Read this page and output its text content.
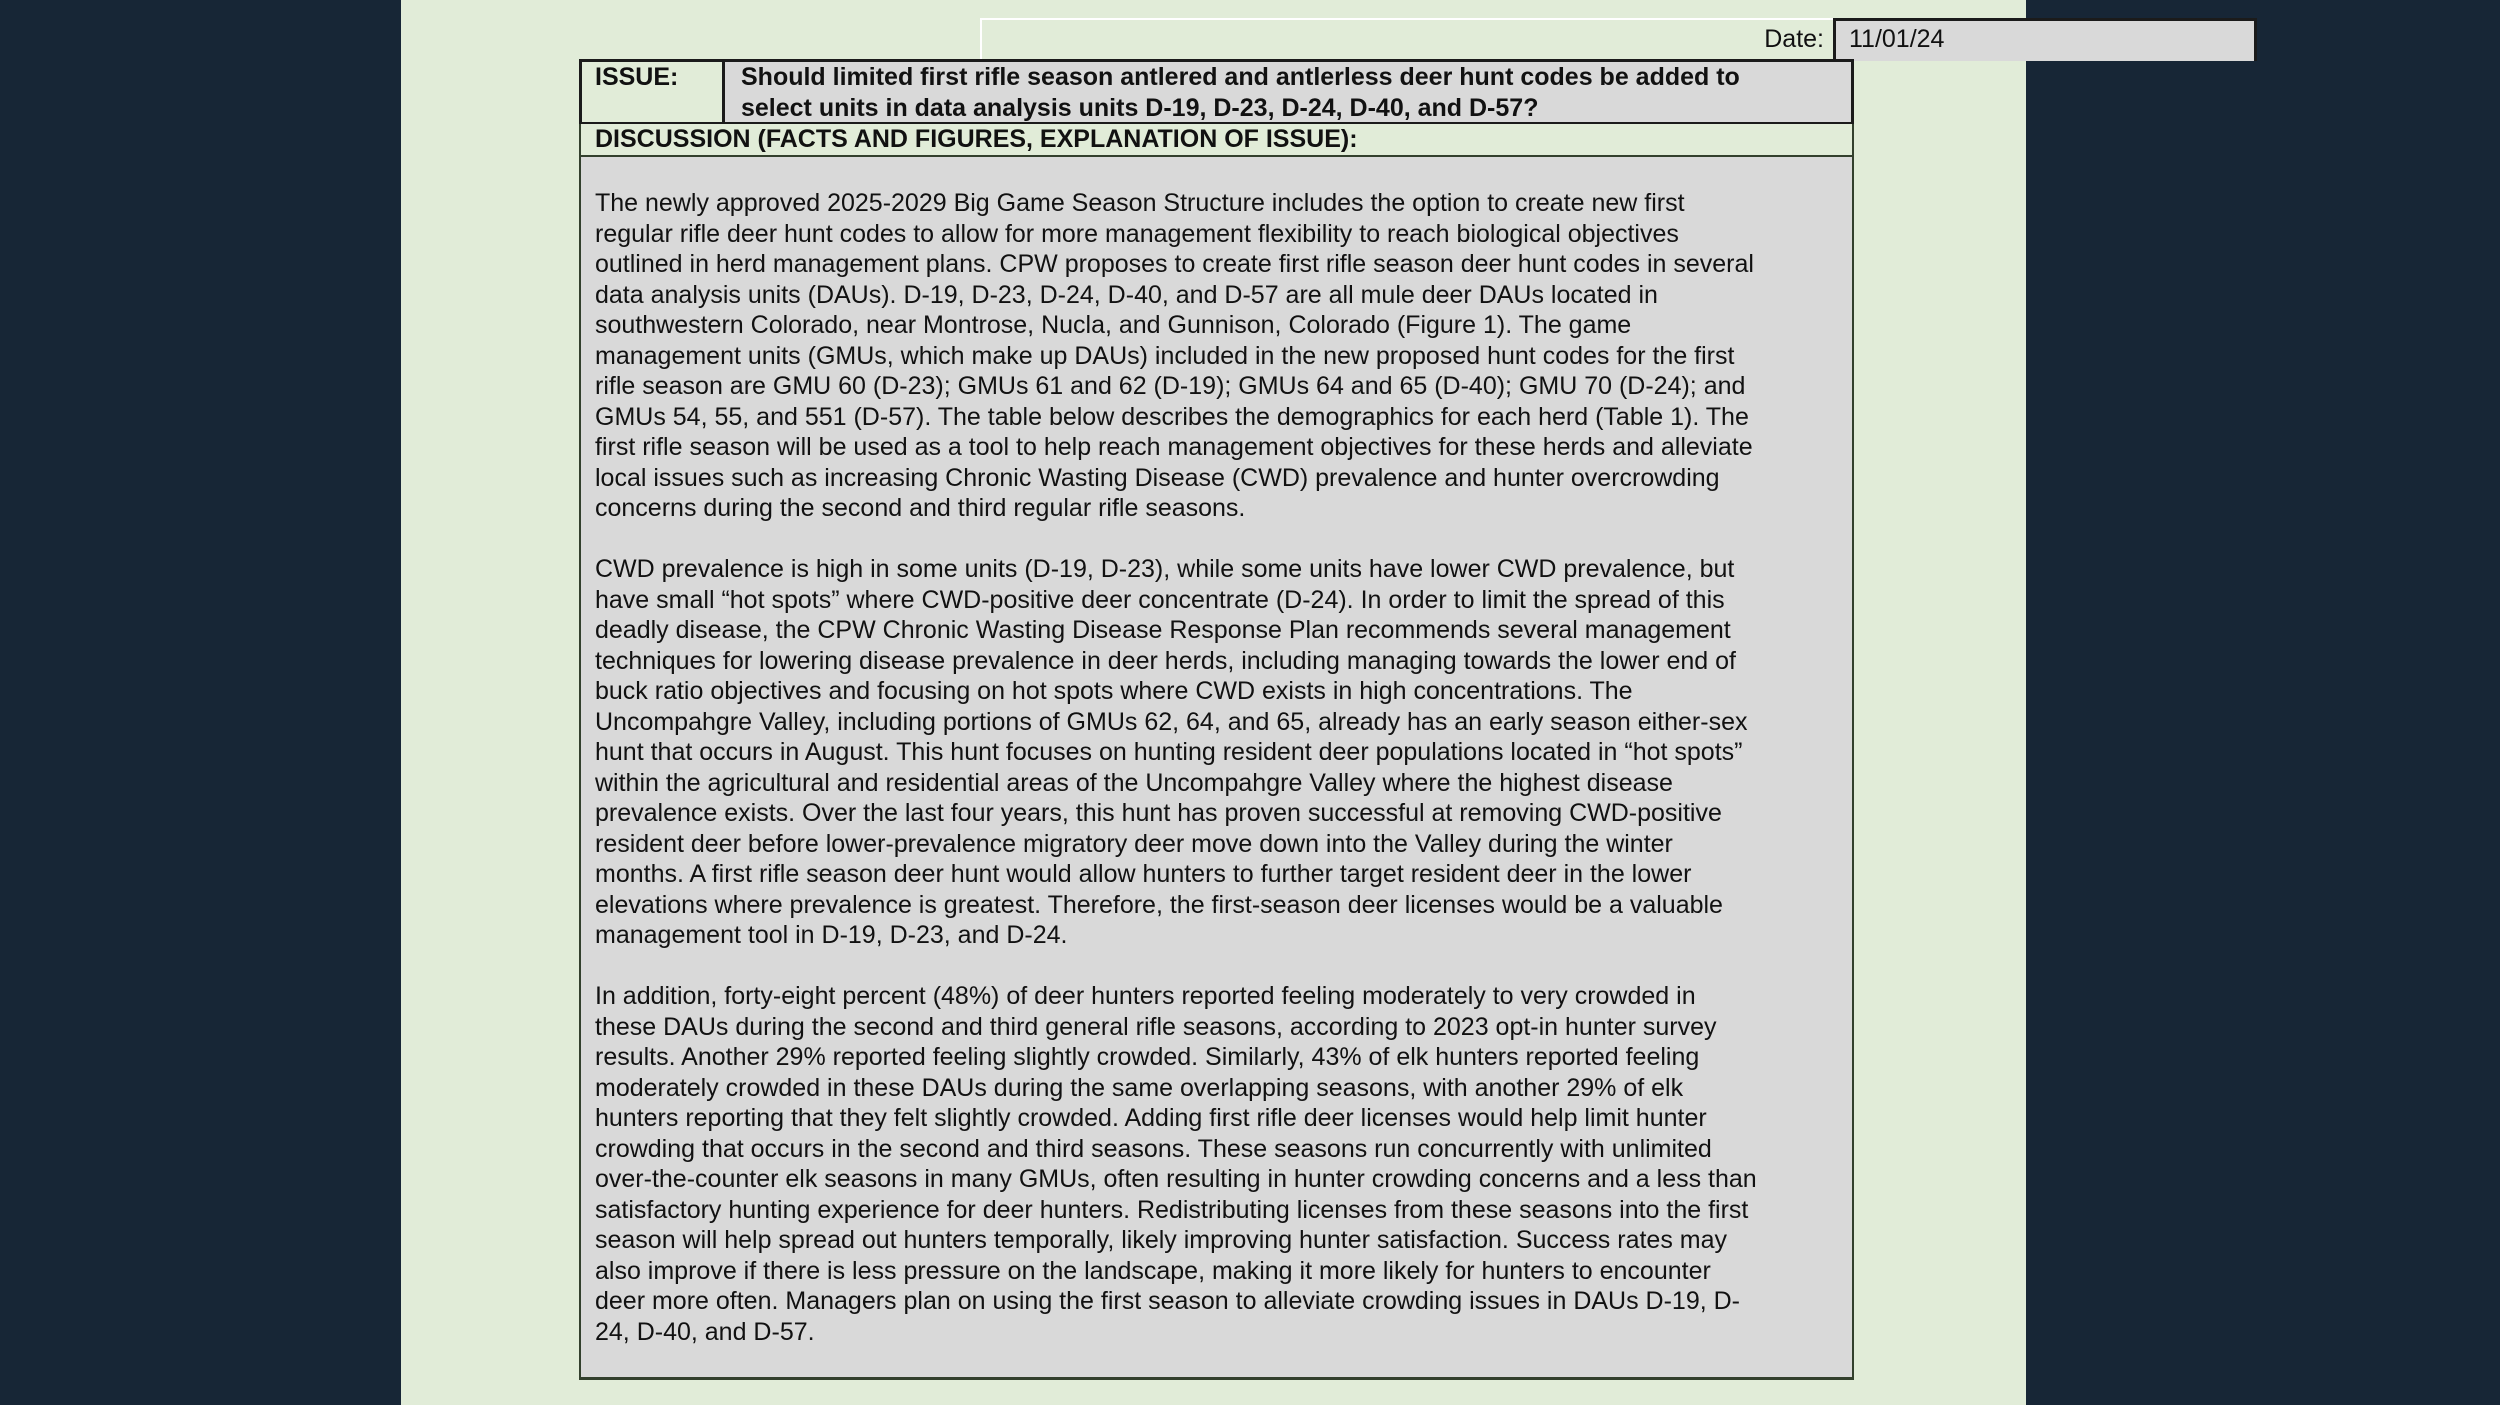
Date: 11/01/24
ISSUE:	Should limited first rifle season antlered and antlerless deer hunt codes be added to
select units in data analysis units D-19, D-23, D-24, D-40, and D-57?
DISCUSSION (FACTS AND FIGURES, EXPLANATION OF ISSUE):
The newly approved 2025-2029 Big Game Season Structure includes the option to create new first
regular rifle deer hunt codes to allow for more management flexibility to reach biological objectives
outlined in herd management plans. CPW proposes to create first rifle season deer hunt codes in several
data analysis units (DAUs). D-19, D-23, D-24, D-40, and D-57 are all mule deer DAUs located in
southwestern Colorado, near Montrose, Nucla, and Gunnison, Colorado (Figure 1). The game
management units (GMUs, which make up DAUs) included in the new proposed hunt codes for the first
rifle season are GMU 60 (D-23); GMUs 61 and 62 (D-19); GMUs 64 and 65 (D-40); GMU 70 (D-24); and
GMUs 54, 55, and 551 (D-57). The table below describes the demographics for each herd (Table 1). The
first rifle season will be used as a tool to help reach management objectives for these herds and alleviate
local issues such as increasing Chronic Wasting Disease (CWD) prevalence and hunter overcrowding
concerns during the second and third regular rifle seasons.
CWD prevalence is high in some units (D-19, D-23), while some units have lower CWD prevalence, but
have small “hot spots” where CWD-positive deer concentrate (D-24). In order to limit the spread of this
deadly disease, the CPW Chronic Wasting Disease Response Plan recommends several management
techniques for lowering disease prevalence in deer herds, including managing towards the lower end of
buck ratio objectives and focusing on hot spots where CWD exists in high concentrations. The
Uncompahgre Valley, including portions of GMUs 62, 64, and 65, already has an early season either-sex
hunt that occurs in August. This hunt focuses on hunting resident deer populations located in “hot spots”
within the agricultural and residential areas of the Uncompahgre Valley where the highest disease
prevalence exists. Over the last four years, this hunt has proven successful at removing CWD-positive
resident deer before lower-prevalence migratory deer move down into the Valley during the winter
months. A first rifle season deer hunt would allow hunters to further target resident deer in the lower
elevations where prevalence is greatest. Therefore, the first-season deer licenses would be a valuable
management tool in D-19, D-23, and D-24.
In addition, forty-eight percent (48%) of deer hunters reported feeling moderately to very crowded in
these DAUs during the second and third general rifle seasons, according to 2023 opt-in hunter survey
results. Another 29% reported feeling slightly crowded. Similarly, 43% of elk hunters reported feeling
moderately crowded in these DAUs during the same overlapping seasons, with another 29% of elk
hunters reporting that they felt slightly crowded. Adding first rifle deer licenses would help limit hunter
crowding that occurs in the second and third seasons. These seasons run concurrently with unlimited
over-the-counter elk seasons in many GMUs, often resulting in hunter crowding concerns and a less than
satisfactory hunting experience for deer hunters. Redistributing licenses from these seasons into the first
season will help spread out hunters temporally, likely improving hunter satisfaction. Success rates may
also improve if there is less pressure on the landscape, making it more likely for hunters to encounter
deer more often. Managers plan on using the first season to alleviate crowding issues in DAUs D-19, D-
24, D-40, and D-57.
